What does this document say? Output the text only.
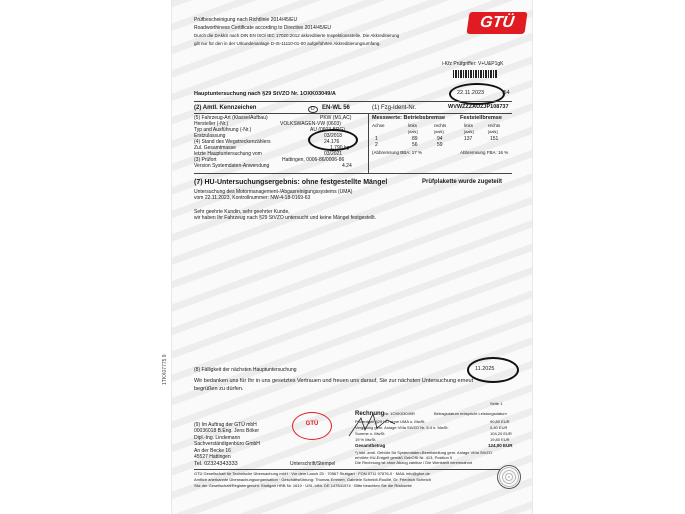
Prüfbescheinigung nach Richtlinie 2014/45/EU
Roadworthiness Certificate according to Directive 2014/45/EU
Durch die DAkkS nach DIN EN ISO/ IEC 17020:2012 akkreditierte Inspektionsstelle. Die Akkreditierung
gilt nur für den in der Urkundenanlage D-IS-11110-01-00 aufgeführten Akkreditierungsumfang.
GTÜ
i-Kfz Prüfgriffer: V+U&P1gK
Hauptuntersuchung nach §29 StVZO Nr. 1OXK03049/A	22.11.2023	:54
(2) Amtl. Kennzeichen	D	EN-WL 56	(1) Fzg-Ident-Nr.	WVWZZZAUZJP108737
(5) Fahrzeug-Art (Klasse/Aufbau)	PKW (M1,AC)
Hersteller (-Nr.)	VOLKSWAGEN-VW (0603)
Typ und Ausführung (-Nr.)	AU (0603 BRG)
Erstzulassung	03/2018
(4) Stand des Wegstreckenzählers	24.176
Zul. Gesamtmasse	1.790 kg
letzte Hauptuntersuchung vom	03/2021
(3) Prüfort	Hattingen, 0006-86/0006-86
Version Systemdaten-Anwendung	4.24
Messwerte: Betriebsbremse	Feststellbremse
Achse	links	rechts	links	rechts
[daN]	[daN]	[daN]	[daN]
1	89	94	137	151
2	56	59
(Abbremsung BBA: 17 %	Abbremsung FBA: 16 %
(7) HU-Untersuchungsergebnis: ohne festgestellte Mängel	Prüfplakette wurde zugeteilt
Untersuchung des Motormanagement-/Abgasreinigungssystems (UMA)
vom 22.11.2023, Kontrollnummer: NW-4-18-0169-63
Sehr geehrte Kundin, sehr geehrter Kunde,
wir haben Ihr Fahrzeug nach §29 StVZO untersucht und keine Mängel festgestellt.
(8) Fälligkeit der nächsten Hauptuntersuchung	11.2025
Wir bedanken uns für Ihr in uns gesetztes Vertrauen und freuen uns darauf, Sie zur nächsten Untersuchung erneut
begrüßen zu dürfen.
Seite 1
(9) Im Auftrag der GTÜ mbH
00036018 B.Eng. Jens Böker
Dipl.-Ing. Lindemann
Sachverständigenbüro GmbH
An der Becke 16
45527 Hattingen
Tel. 02324343333
GTÜ
Unterschrift/Stempel
Rechnung Nr. 1OXK03049R	Betragsdatum entspricht Leistungsdatum
Prüfentgelt §29 HU ohne UMA o. MwSt.	90,80 EUR
Vergütung gem. Anlage VIIIa StVZO Nr. 5.4 o. MwSt.	0,40 EUR
Summe o. MwSt.	104,20 EUR
19 % MwSt.	19,80 EUR
Gesamtbetrag	124,00 EUR
*) inkl. amtl. Gebühr für Systemdaten-Bereitstellung gem. Anlage VIIIa StVZO
erhöhte HU-Entgelt gemäß GebOSt Nr. 413, Position 5
Die Rechnung ist ohne Abzug zahlbar / Die Wertstellt vereinnahmt
GTÜ Gesellschaft für Technische Überwachung mbH · Vor dem Lauch 25 · 70567 Stuttgart · FON 0711 97676-0 · MAIL info@gtue.de
Amtlich anerkannte Überwachungsorganisation · Geschäftsführung: Thomas Emmert, Gabriele Schmidt-Rouillé, Dr. Friedrich Schmidt
Sitz der Gesellschaft/Registergericht: Stuttgart HRB Nr. 1610 · USt.-IdNr. DE 147841574 · Bitte beachten Sie die Rückseite
1TKX07775 9
